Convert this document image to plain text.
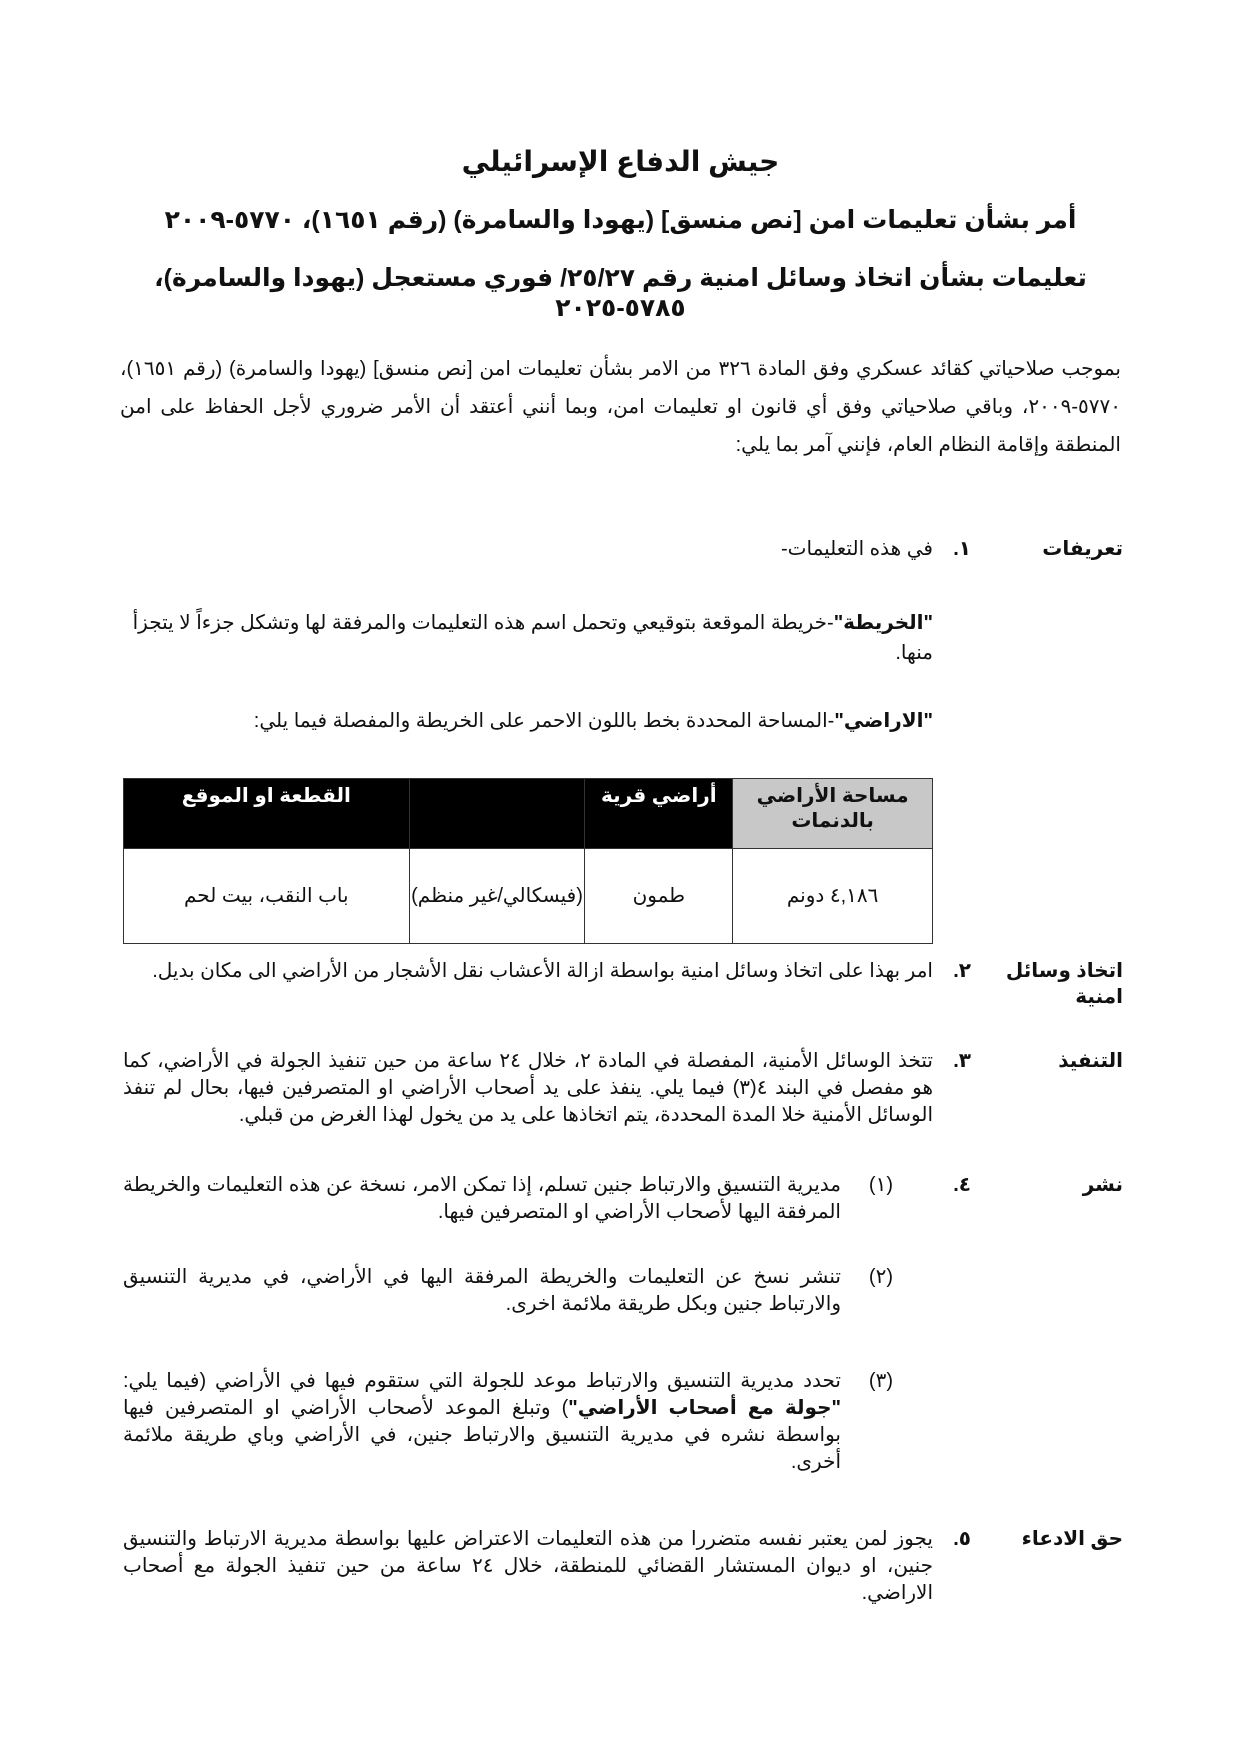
جيش الدفاع الإسرائيلي
أمر بشأن تعليمات امن [نص منسق] (يهودا والسامرة) (رقم ١٦٥١)، ٥٧٧٠-٢٠٠٩
تعليمات بشأن اتخاذ وسائل امنية رقم ٢٥/٢٧/ فوري مستعجل (يهودا والسامرة)، ٥٧٨٥-٢٠٢٥

بموجب صلاحياتي كقائد عسكري وفق المادة ٣٢٦ من الامر بشأن تعليمات امن [نص منسق] (يهودا والسامرة) (رقم ١٦٥١)، ٥٧٧٠-٢٠٠٩، وباقي صلاحياتي وفق أي قانون او تعليمات امن، وبما أنني أعتقد أن الأمر ضروري لأجل الحفاظ على امن المنطقة وإقامة النظام العام، فإنني آمر بما يلي:

تعريفات
١.
في هذه التعليمات-
"الخريطة"-خريطة الموقعة بتوقيعي وتحمل اسم هذه التعليمات والمرفقة لها وتشكل جزءاً لا يتجزأ منها.
"الاراضي"-المساحة المحددة بخط باللون الاحمر على الخريطة والمفصلة فيما يلي:
مساحة الأراضي بالدنمات	أراضي قرية		القطعة او الموقع
٤,١٨٦ دونم	طمون	(فيسكالي/غير منظم)	باب النقب، بيت لحم
اتخاذ وسائل امنية
٢.
امر بهذا على اتخاذ وسائل امنية بواسطة ازالة الأعشاب نقل الأشجار من الأراضي الى مكان بديل.
التنفيذ
٣.
تتخذ الوسائل الأمنية، المفصلة في المادة ٢، خلال ٢٤ ساعة من حين تنفيذ الجولة في الأراضي، كما هو مفصل في البند ٤(٣) فيما يلي. ينفذ على يد أصحاب الأراضي او المتصرفين فيها، بحال لم تنفذ الوسائل الأمنية خلا المدة المحددة، يتم اتخاذها على يد من يخول لهذا الغرض من قبلي.
نشر
٤.
(١)
مديرية التنسيق والارتباط جنين تسلم، إذا تمكن الامر، نسخة عن هذه التعليمات والخريطة المرفقة اليها لأصحاب الأراضي او المتصرفين فيها.
(٢)
تنشر نسخ عن التعليمات والخريطة المرفقة اليها في الأراضي، في مديرية التنسيق والارتباط جنين وبكل طريقة ملائمة اخرى.
(٣)
تحدد مديرية التنسيق والارتباط موعد للجولة التي ستقوم فيها في الأراضي (فيما يلي: "جولة مع أصحاب الأراضي") وتبلغ الموعد لأصحاب الأراضي او المتصرفين فيها بواسطة نشره في مديرية التنسيق والارتباط جنين، في الأراضي وباي طريقة ملائمة أخرى.
حق الادعاء
٥.
يجوز لمن يعتبر نفسه متضررا من هذه التعليمات الاعتراض عليها بواسطة مديرية الارتباط والتنسيق جنين، او ديوان المستشار القضائي للمنطقة، خلال ٢٤ ساعة من حين تنفيذ الجولة مع أصحاب الاراضي.
